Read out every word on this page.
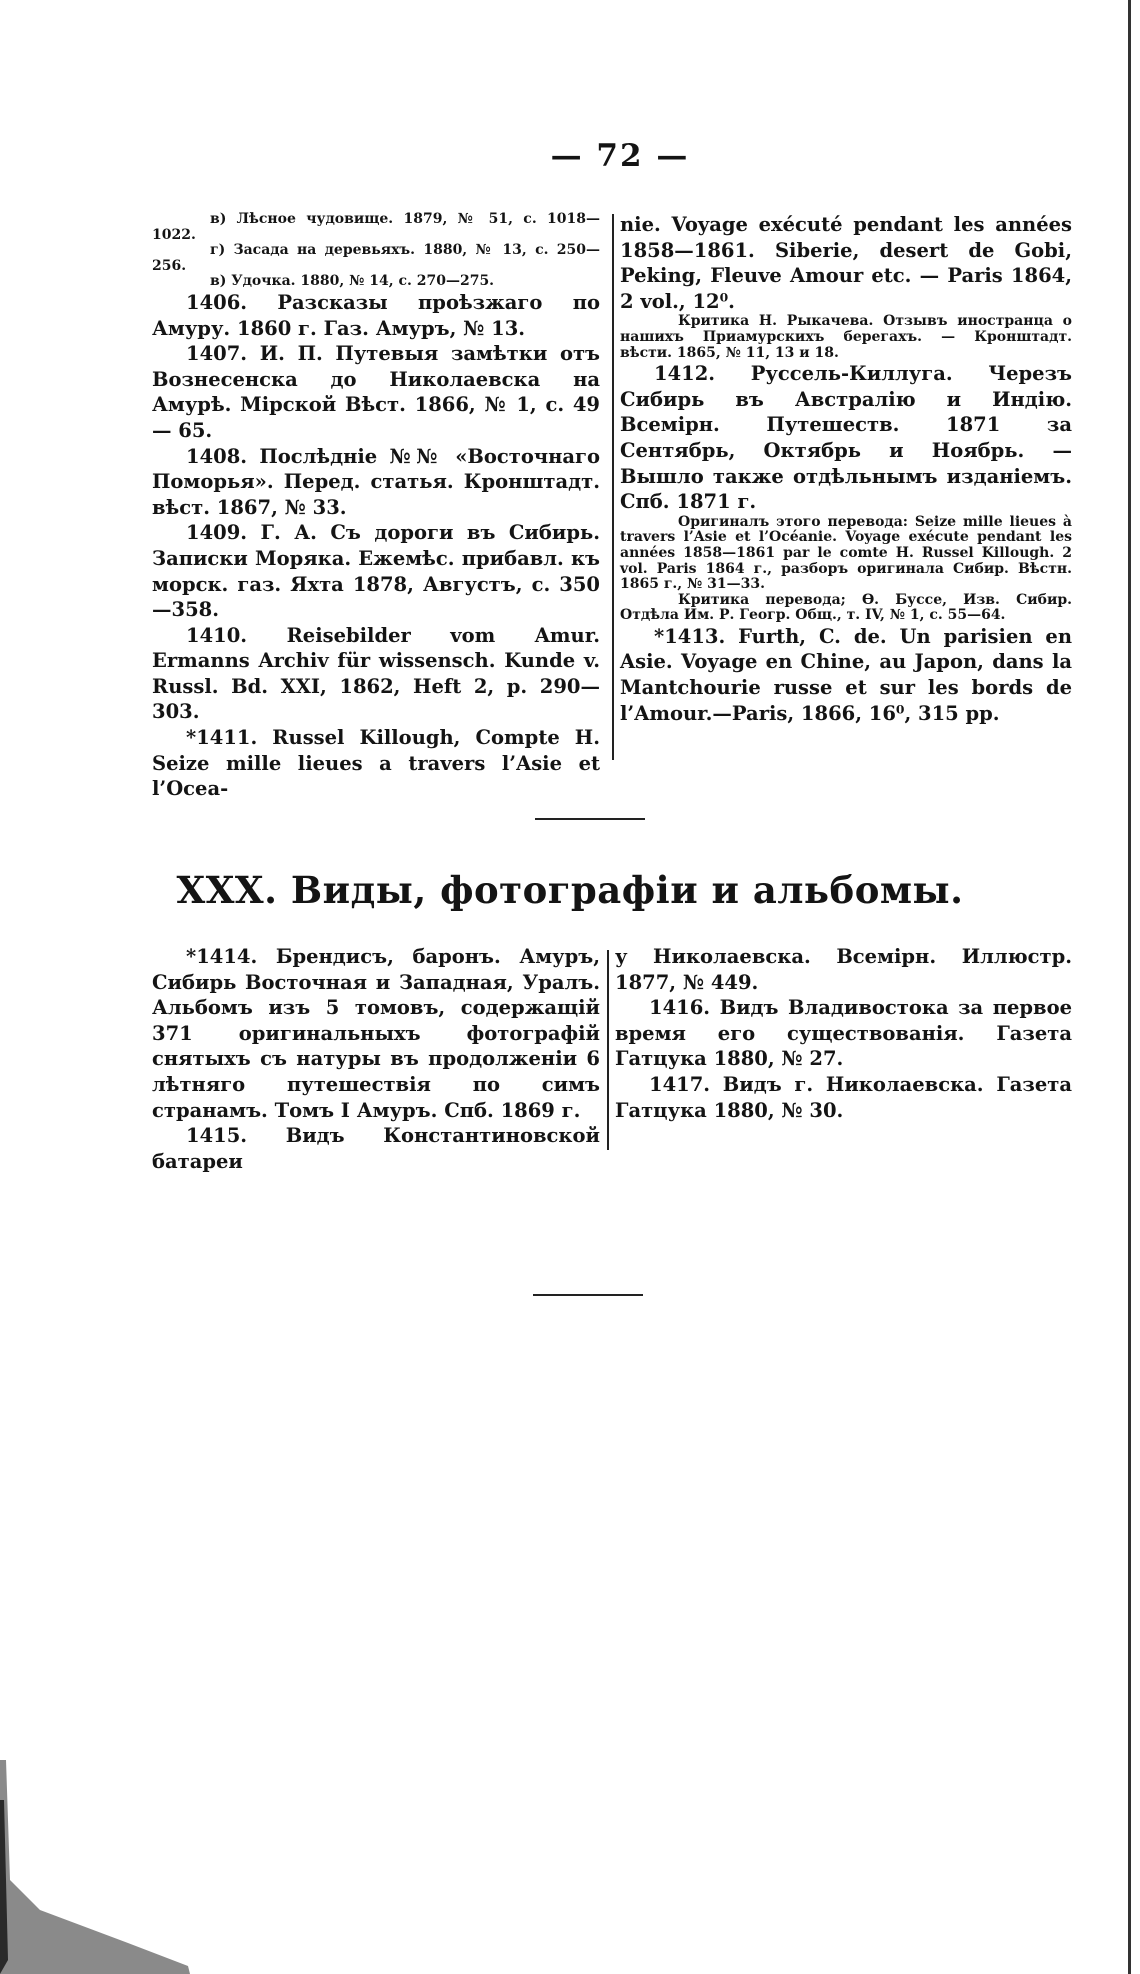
— 72 —

в) Лѣсное чудовище. 1879, № 51, с. 1018—1022.

г) Засада на деревьяхъ. 1880, № 13, с. 250—256.

в) Удочка. 1880, № 14, с. 270—275.

1406. Разсказы проѣзжаго по Амуру. 1860 г. Газ. Амуръ, № 13.

1407. И. П. Путевыя замѣтки отъ Вознесенска до Николаевска на Амурѣ. Мірской Вѣст. 1866, № 1, с. 49 — 65.

1408. Послѣдніе №№ «Восточнаго Поморья». Перед. статья. Кронштадт. вѣст. 1867, № 33.

1409. Г. А. Съ дороги въ Сибирь. Записки Моряка. Ежемѣс. прибавл. къ морск. газ. Яхта 1878, Августъ, с. 350—358.

1410. Reisebilder vom Amur. Ermanns Archiv für wissensch. Kunde v. Russl. Bd. XXI, 1862, Heft 2, p. 290—303.

*1411. Russel Killough, Compte H. Seize mille lieues a travers l’Asie et l’Ocea-

nie. Voyage exécuté pendant les années 1858—1861. Siberie, desert de Gobi, Peking, Fleuve Amour etc. — Paris 1864, 2 vol., 12⁰.

Критика Н. Рыкачева. Отзывъ иностранца о нашихъ Приамурскихъ берегахъ. — Кронштадт. вѣсти. 1865, № 11, 13 и 18.

1412. Руссель-Киллуга. Черезъ Сибирь въ Австралію и Индію. Всемірн. Путешеств. 1871 за Сентябрь, Октябрь и Ноябрь. — Вышло также отдѣльнымъ изданіемъ. Спб. 1871 г.

Оригиналъ этого перевода: Seize mille lieues à travers l’Asie et l’Océanie. Voyage exécute pendant les années 1858—1861 par le comte H. Russel Killough. 2 vol. Paris 1864 г., разборъ оригинала Сибир. Вѣстн. 1865 г., № 31—33.

Критика перевода; Ѳ. Буссе, Изв. Сибир. Отдѣла Им. Р. Геогр. Общ., т. IV, № 1, с. 55—64.

*1413. Furth, C. de. Un parisien en Asie. Voyage en Chine, au Japon, dans la Mantchourie russe et sur les bords de l’Amour.—Paris, 1866, 16⁰, 315 pp.

XXX. Виды, фотографіи и альбомы.

*1414. Брендисъ, баронъ. Амуръ, Сибирь Восточная и Западная, Уралъ. Альбомъ изъ 5 томовъ, содержащій 371 оригинальныхъ фотографій снятыхъ съ натуры въ продолженіи 6 лѣтняго путешествія по симъ странамъ. Томъ I Амуръ. Спб. 1869 г.

1415. Видъ Константиновской батареи

у Николаевска. Всемірн. Иллюстр. 1877, № 449.

1416. Видъ Владивостока за первое время его существованія. Газета Гатцука 1880, № 27.

1417. Видъ г. Николаевска. Газета Гатцука 1880, № 30.
